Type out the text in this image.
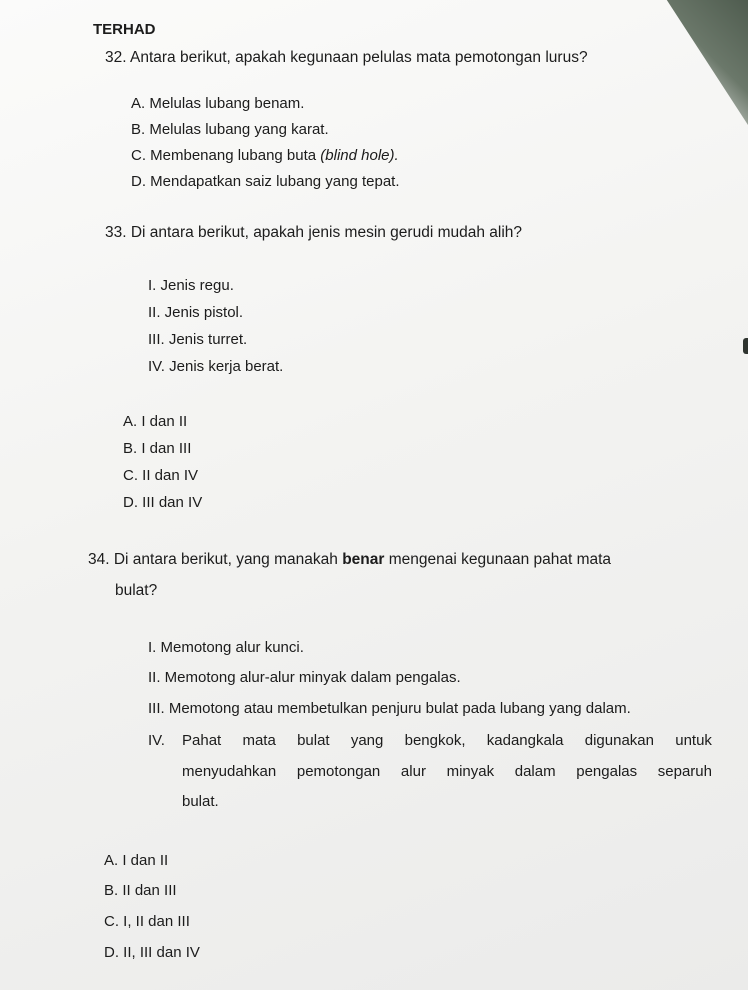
TERHAD
32. Antara berikut, apakah kegunaan pelulas mata pemotongan lurus?
A. Melulas lubang benam.
B. Melulas lubang yang karat.
C. Membenang lubang buta (blind hole).
D. Mendapatkan saiz lubang yang tepat.
33. Di antara berikut, apakah jenis mesin gerudi mudah alih?
I. Jenis regu.
II. Jenis pistol.
III. Jenis turret.
IV. Jenis kerja berat.
A. I dan II
B. I dan III
C. II dan IV
D. III dan IV
34. Di antara berikut, yang manakah benar mengenai kegunaan pahat mata
bulat?
I. Memotong alur kunci.
II. Memotong alur-alur minyak dalam pengalas.
III. Memotong atau membetulkan penjuru bulat pada lubang yang dalam.
IV. Pahat mata bulat yang bengkok, kadangkala digunakan untuk
menyudahkan pemotongan alur minyak dalam pengalas separuh
bulat.
A. I dan II
B. II dan III
C. I, II dan III
D. II, III dan IV
